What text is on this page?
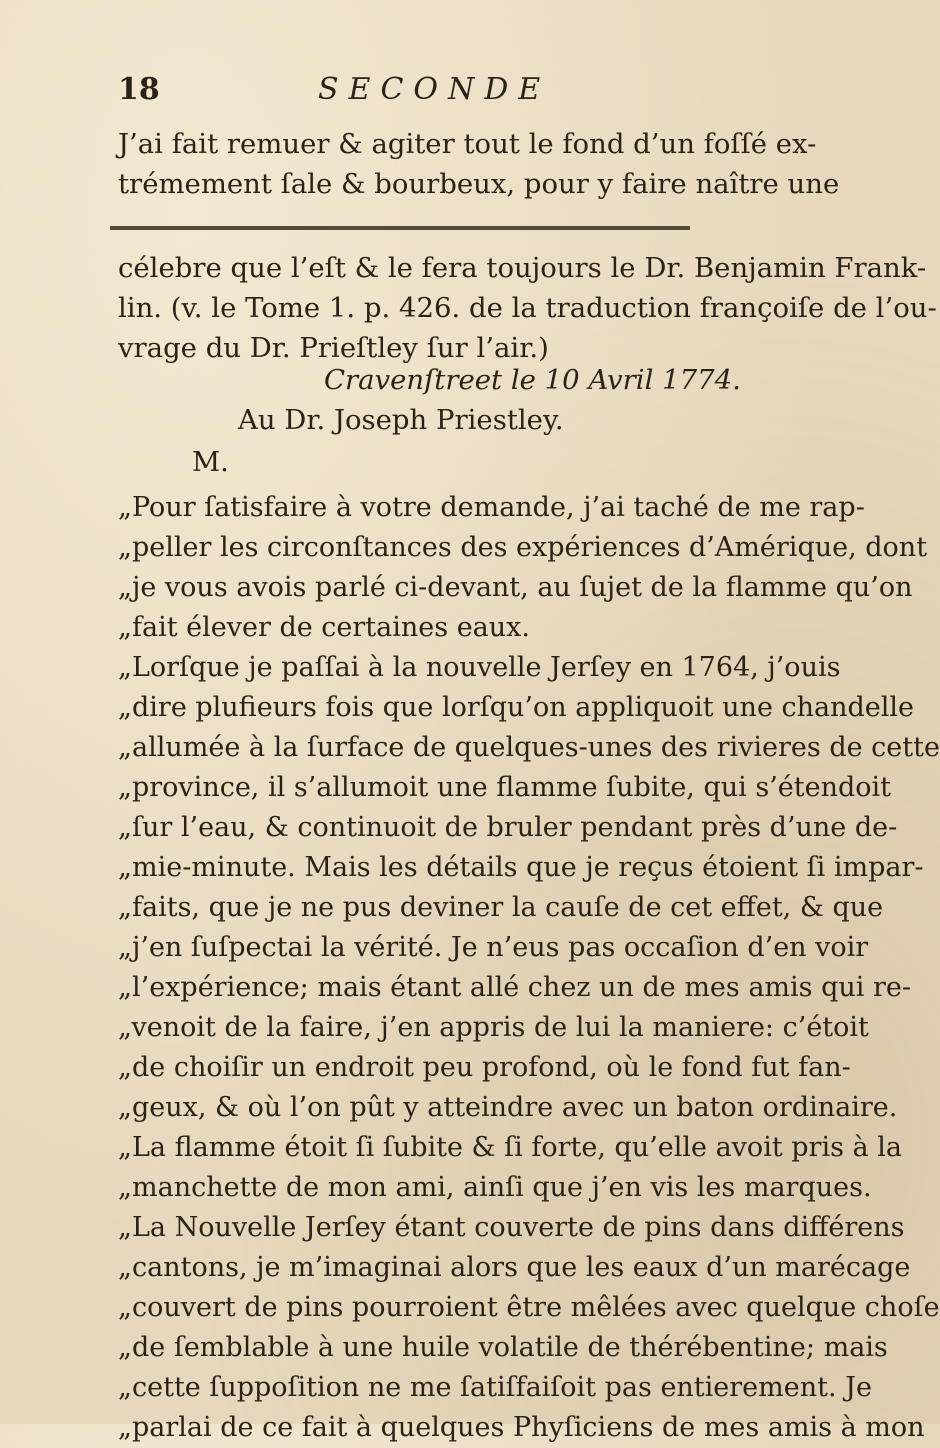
18	SECONDE
J’ai fait remuer & agiter tout le fond d’un foſſé ex-
trémement ſale & bourbeux, pour y faire naître une
célebre que l’eſt & le fera toujours le Dr. Benjamin Frank-
lin. (v. le Tome 1. p. 426. de la traduction françoiſe de l’ou-
vrage du Dr. Prieſtley ſur l’air.)
Cravenſtreet le 10 Avril 1774.
Au Dr. Joseph Priestley.
M.
„Pour ſatisfaire à votre demande, j’ai taché de me rap-
„peller les circonſtances des expériences d’Amérique, dont
„je vous avois parlé ci-devant, au ſujet de la flamme qu’on
„fait élever de certaines eaux.
„Lorſque je paſſai à la nouvelle Jerſey en 1764, j’ouis
„dire plufieurs fois que lorſqu’on appliquoit une chandelle
„allumée à la ſurface de quelques-unes des rivieres de cette
„province, il s’allumoit une flamme ſubite, qui s’étendoit
„ſur l’eau, & continuoit de bruler pendant près d’une de-
„mie-minute. Mais les détails que je reçus étoient ſi impar-
„faits, que je ne pus deviner la cauſe de cet effet, & que
„j’en ſuſpectai la vérité. Je n’eus pas occaſion d’en voir
„l’expérience; mais étant allé chez un de mes amis qui re-
„venoit de la faire, j’en appris de lui la maniere: c’étoit
„de choiſir un endroit peu profond, où le fond fut fan-
„geux, & où l’on pût y atteindre avec un baton ordinaire.
„La flamme étoit ſi ſubite & ſi forte, qu’elle avoit pris à la
„manchette de mon ami, ainſi que j’en vis les marques.
„La Nouvelle Jerſey étant couverte de pins dans différens
„cantons, je m’imaginai alors que les eaux d’un marécage
„couvert de pins pourroient être mêlées avec quelque choſe
„de ſemblable à une huile volatile de thérébentine; mais
„cette ſuppoſition ne me ſatiſfaiſoit pas entierement. Je
„parlai de ce fait à quelques Phyſiciens de mes amis à mon
